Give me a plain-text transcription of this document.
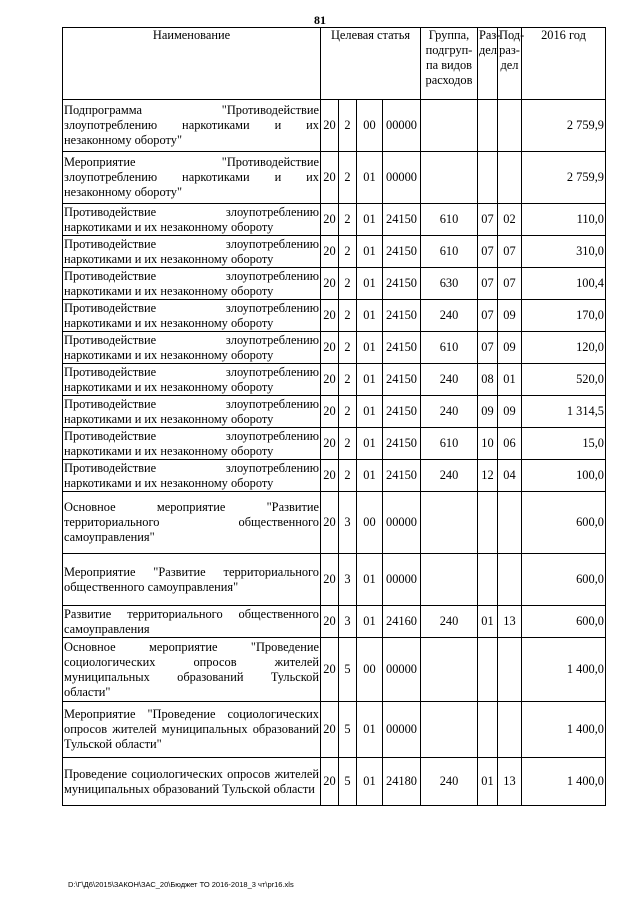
81
Наименование	Целевая статья				Группа, подгруп- па видов расходов	Раз- дел	Под- раз- дел	2016 год
Подпрограмма "Противодействие злоупотреблению наркотиками и их незаконному обороту"	20	2	00	00000				2 759,9
Мероприятие "Противодействие злоупотреблению наркотиками и их незаконному обороту"	20	2	01	00000				2 759,9
Противодействие злоупотреблению наркотиками и их незаконному обороту	20	2	01	24150	610	07	02	110,0
Противодействие злоупотреблению наркотиками и их незаконному обороту	20	2	01	24150	610	07	07	310,0
Противодействие злоупотреблению наркотиками и их незаконному обороту	20	2	01	24150	630	07	07	100,4
Противодействие злоупотреблению наркотиками и их незаконному обороту	20	2	01	24150	240	07	09	170,0
Противодействие злоупотреблению наркотиками и их незаконному обороту	20	2	01	24150	610	07	09	120,0
Противодействие злоупотреблению наркотиками и их незаконному обороту	20	2	01	24150	240	08	01	520,0
Противодействие злоупотреблению наркотиками и их незаконному обороту	20	2	01	24150	240	09	09	1 314,5
Противодействие злоупотреблению наркотиками и их незаконному обороту	20	2	01	24150	610	10	06	15,0
Противодействие злоупотреблению наркотиками и их незаконному обороту	20	2	01	24150	240	12	04	100,0
Основное мероприятие "Развитие территориального общественного самоуправления"	20	3	00	00000				600,0
Мероприятие "Развитие территориального общественного самоуправления"	20	3	01	00000				600,0
Развитие территориального общественного самоуправления	20	3	01	24160	240	01	13	600,0
Основное мероприятие "Проведение социологических опросов жителей муниципальных образований Тульской области"	20	5	00	00000				1 400,0
Мероприятие "Проведение социологических опросов жителей муниципальных образований Тульской области"	20	5	01	00000				1 400,0
Проведение социологических опросов жителей муниципальных образований Тульской области	20	5	01	24180	240	01	13	1 400,0
D:\Г\Д6\2015\ЗАКОН\ЗАС_20\Бюджет ТО 2016-2018_3 чт\pr16.xls
